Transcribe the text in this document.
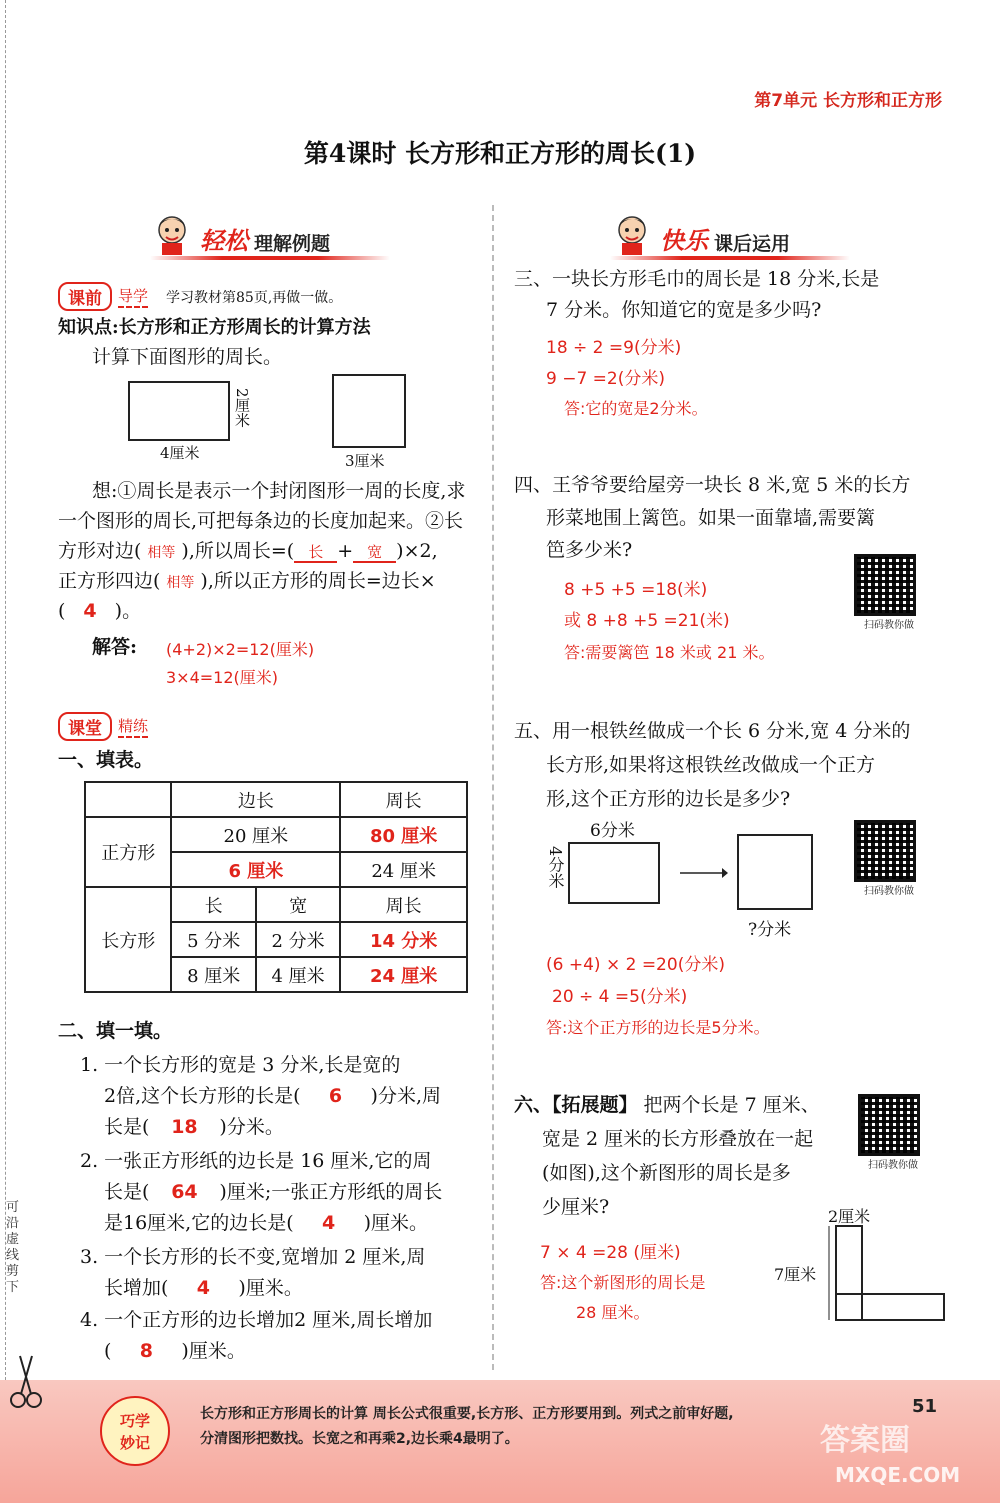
可沿虚线剪下
第7单元 长方形和正方形
第4课时 长方形和正方形的周长(1)
轻松 理解例题
课前	导学 学习教材第85页,再做一做。
知识点:长方形和正方形周长的计算方法
计算下面图形的周长。
4厘米
2厘米
3厘米
想:①周长是表示一个封闭图形一周的长度,求
一个图形的周长,可把每条边的长度加起来。②长
方形对边( 相等 ),所以周长=( 长 + 宽 )×2,
正方形四边( 相等 ),所以正方形的周长=边长×
( 4 )。
解答: (4+2)×2=12(厘米)
3×4=12(厘米)
课堂	精练
一、填表。
	边长		周长
正方形	20 厘米		80 厘米
	6 厘米		24 厘米
长方形	长	宽	周长
	5 分米	2 分米	14 分米
	8 厘米	4 厘米	24 厘米
二、填一填。
1. 一个长方形的宽是 3 分米,长是宽的
2倍,这个长方形的长是( 6 )分米,周
长是( 18 )分米。
2. 一张正方形纸的边长是 16 厘米,它的周
长是( 64 )厘米;一张正方形纸的周长
是16厘米,它的边长是( 4 )厘米。
3. 一个长方形的长不变,宽增加 2 厘米,周
长增加( 4 )厘米。
4. 一个正方形的边长增加2 厘米,周长增加
( 8 )厘米。
快乐 课后运用
三、一块长方形毛巾的周长是 18 分米,长是
7 分米。你知道它的宽是多少吗?
18 ÷ 2 =9(分米)
9 −7 =2(分米)
答:它的宽是2分米。
四、王爷爷要给屋旁一块长 8 米,宽 5 米的长方
形菜地围上篱笆。如果一面靠墙,需要篱
笆多少米?
8 +5 +5 =18(米)
或 8 +8 +5 =21(米)
答:需要篱笆 18 米或 21 米。
扫码教你做
五、用一根铁丝做成一个长 6 分米,宽 4 分米的
长方形,如果将这根铁丝改做成一个正方
形,这个正方形的边长是多少?
6分米
4分米
?分米
扫码教你做
(6 +4) × 2 =20(分米)
20 ÷ 4 =5(分米)
答:这个正方形的边长是5分米。
六、【拓展题】 把两个长是 7 厘米、
宽是 2 厘米的长方形叠放在一起
(如图),这个新图形的周长是多
少厘米?
扫码教你做
2厘米
7厘米
7 × 4 =28 (厘米)
答:这个新图形的周长是
28 厘米。
巧学
妙记
长方形和正方形周长的计算 周长公式很重要,长方形、正方形要用到。列式之前审好题,
分清图形把数找。长宽之和再乘2,边长乘4最明了。
51
答案圈
MXQE.COM
